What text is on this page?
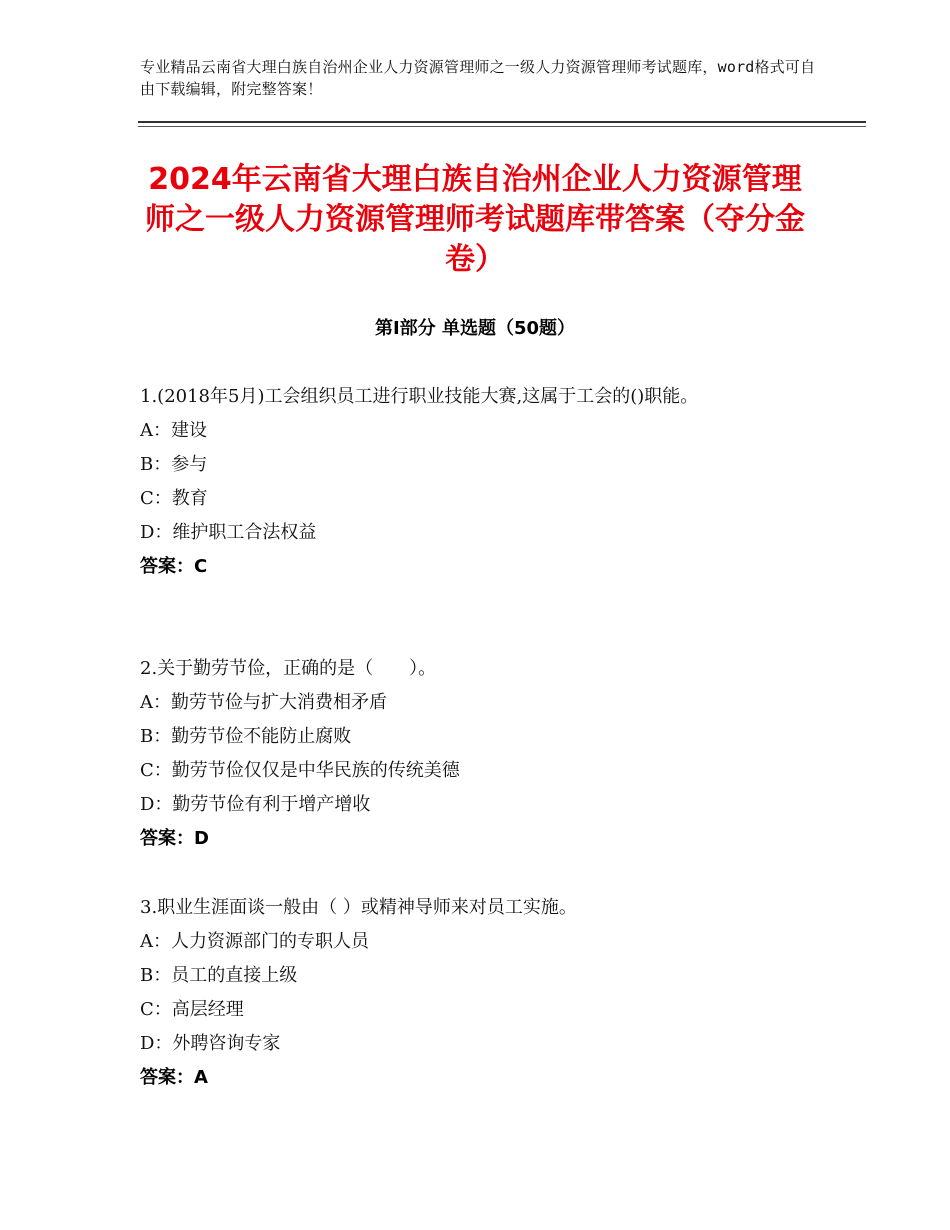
专业精品云南省大理白族自治州企业人力资源管理师之一级人力资源管理师考试题库，word格式可自由下载编辑，附完整答案！
2024年云南省大理白族自治州企业人力资源管理师之一级人力资源管理师考试题库带答案（夺分金卷）
第Ⅰ部分 单选题（50题）
1.(2018年5月)工会组织员工进行职业技能大赛,这属于工会的()职能。
A：建设
B：参与
C：教育
D：维护职工合法权益
答案：C
2.关于勤劳节俭，正确的是（　　）。
A：勤劳节俭与扩大消费相矛盾
B：勤劳节俭不能防止腐败
C：勤劳节俭仅仅是中华民族的传统美德
D：勤劳节俭有利于增产增收
答案：D
3.职业生涯面谈一般由（ ）或精神导师来对员工实施。
A：人力资源部门的专职人员
B：员工的直接上级
C：高层经理
D：外聘咨询专家
答案：A
